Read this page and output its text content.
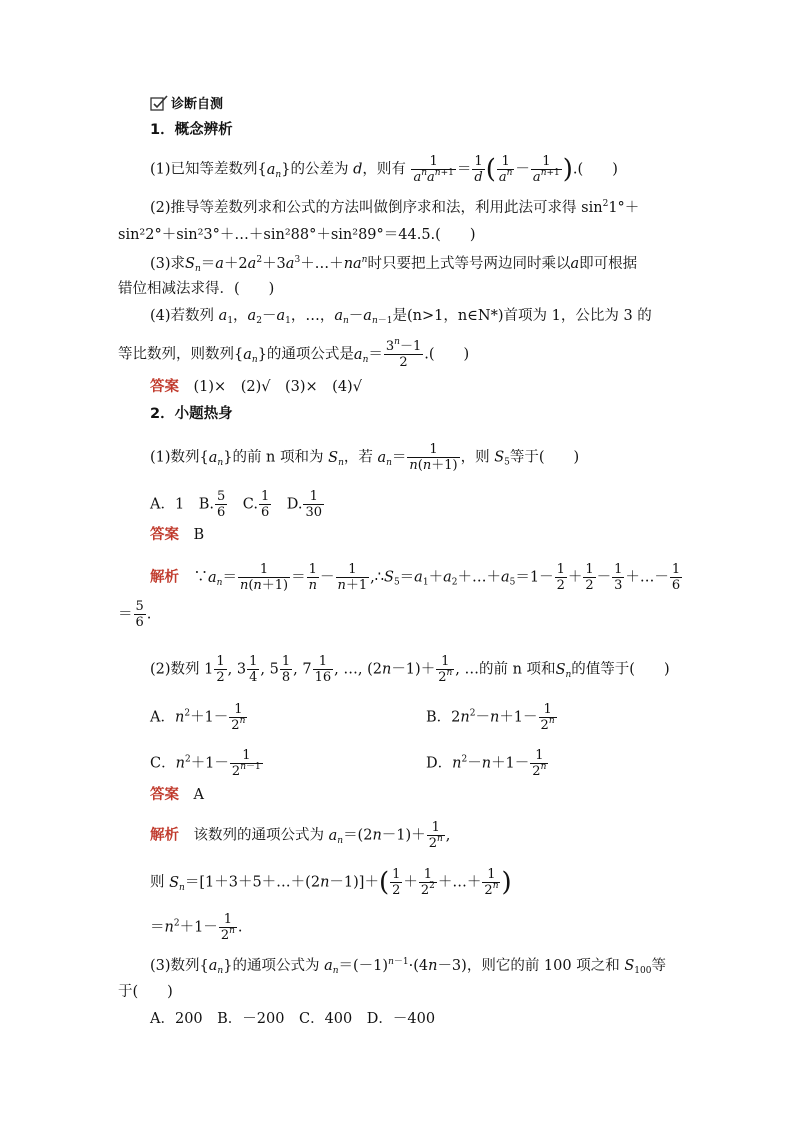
诊断自测
1．概念辨析
(1)已知等差数列$\{a_n\}$的公差为 d，则有 $\frac{1}{a^na^{n+1}} = \frac{1}{d}$ ( $\frac{1}{a^n} - \frac{1}{a^{n+1}}$ ).(　　)
(2)推导等差数列求和公式的方法叫做倒序求和法，利用此法可求得 $\sin^21^\circ+$
sin²2°＋sin²3°＋…＋sin²88°＋sin²89°＝44.5.(　　)
(3)求$S_n=a+2a^2+3a^3+\dots+na^n$时只要把上式等号两边同时乘以a即可根据
错位相减法求得．(　　)
(4)若数列 $a_1$，$a_2-a_1$，…，$a_n-a_{n-1}$是(n>1，n∈N*)首项为 1，公比为 3 的
等比数列，则数列$\{a_n\}$的通项公式是$a_n= \frac{3^n-1}{2}$ .(　　)
答案　 (1)×　(2)√　(3)×　(4)√
2．小题热身
(1)数列$\{a_n\}$的前 n 项和为 $S_n$，若 $a_n= \frac{1}{n(n+1)}$ ，则 $S_5$等于(　　)
A．1　B. $\frac{5}{6}$ 　C. $\frac{1}{6}$ 　D. $\frac{1}{30}$
答案　 B
解析　$\because a_n= \frac{1}{n(n+1)} = \frac{1}{n} - \frac{1}{n+1}$ $,\therefore S_5=a_1+a_2+\dots+a_5=1- \frac{1}{2} + \frac{1}{2} - \frac{1}{3}$ ＋…－ $\frac{1}{6}$
＝ $\frac{5}{6}$ .
(2)数列 $1 \frac{1}{2}$ , $3 \frac{1}{4}$ , $5 \frac{1}{8}$ , $7 \frac{1}{16}$ , …, $(2n-1)+ \frac{1}{2^n}$ , …的前 n 项和$S_n$的值等于(　　)
A．$n^2+1- \frac{1}{2^n}$	B．$2n^2-n+1- \frac{1}{2^n}$
C．$n^2+1- \frac{1}{2^{n-1}}$	D．$n^2-n+1- \frac{1}{2^n}$
答案　 A
解析　 该数列的通项公式为 $a_n=(2n-1)+ \frac{1}{2^n}$ ,
则 $S_n=[1+3+5+\dots+(2n-1)]+( \frac{1}{2} + \frac{1}{2^2}$ ＋…＋ $\frac{1}{2^n}$ )
$=n^2+1- \frac{1}{2^n}$ .
(3)数列$\{a_n\}$的通项公式为 $a_n=(-1)^{n-1}\cdot(4n-3)$，则它的前 100 项之和 $S_{100}$等
于(　　)
A．200　B．－200　C．400　D．－400
